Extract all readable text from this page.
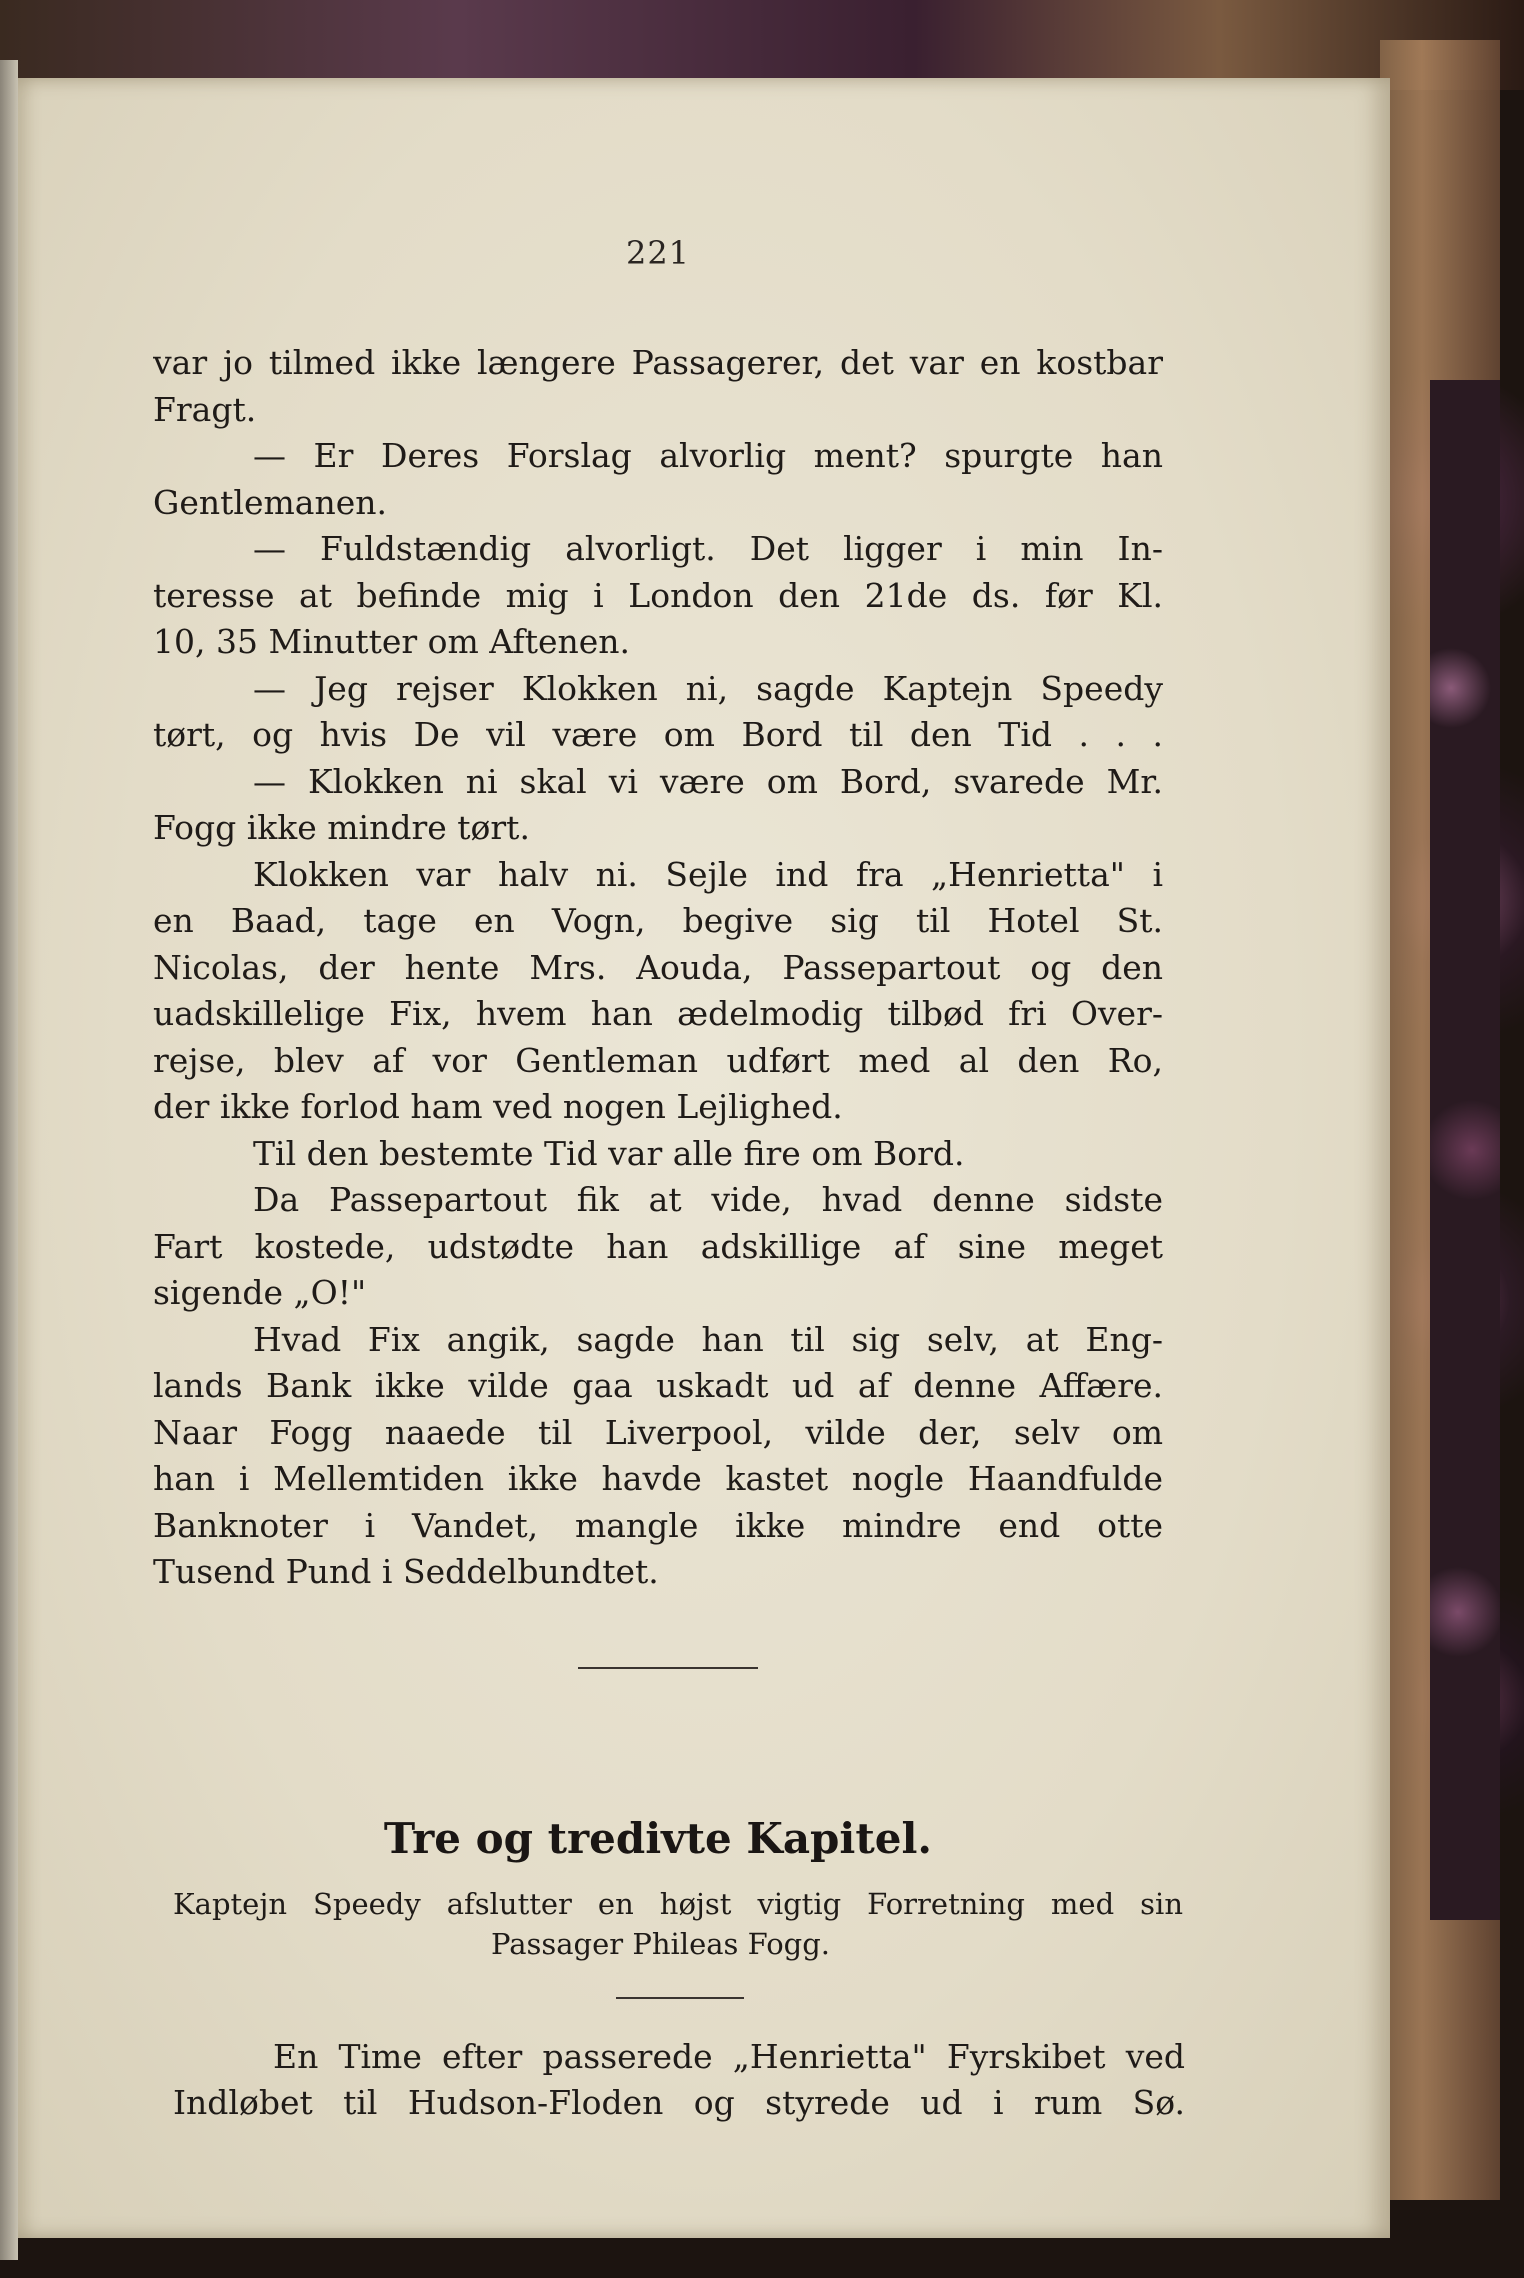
221
var jo tilmed ikke længere Passagerer, det var en kostbar
Fragt.
— Er Deres Forslag alvorlig ment? spurgte han
Gentlemanen.
— Fuldstændig alvorligt. Det ligger i min In-
teresse at befinde mig i London den 21de ds. før Kl.
10, 35 Minutter om Aftenen.
— Jeg rejser Klokken ni, sagde Kaptejn Speedy
tørt, og hvis De vil være om Bord til den Tid . . .
— Klokken ni skal vi være om Bord, svarede Mr.
Fogg ikke mindre tørt.
Klokken var halv ni. Sejle ind fra „Henrietta" i
en Baad, tage en Vogn, begive sig til Hotel St.
Nicolas, der hente Mrs. Aouda, Passepartout og den
uadskillelige Fix, hvem han ædelmodig tilbød fri Over-
rejse, blev af vor Gentleman udført med al den Ro,
der ikke forlod ham ved nogen Lejlighed.
Til den bestemte Tid var alle fire om Bord.
Da Passepartout fik at vide, hvad denne sidste
Fart kostede, udstødte han adskillige af sine meget
sigende „O!"
Hvad Fix angik, sagde han til sig selv, at Eng-
lands Bank ikke vilde gaa uskadt ud af denne Affære.
Naar Fogg naaede til Liverpool, vilde der, selv om
han i Mellemtiden ikke havde kastet nogle Haandfulde
Banknoter i Vandet, mangle ikke mindre end otte
Tusend Pund i Seddelbundtet.
Tre og tredivte Kapitel.
Kaptejn Speedy afslutter en højst vigtig Forretning med sin
Passager Phileas Fogg.
En Time efter passerede „Henrietta" Fyrskibet ved
Indløbet til Hudson-Floden og styrede ud i rum Sø.
